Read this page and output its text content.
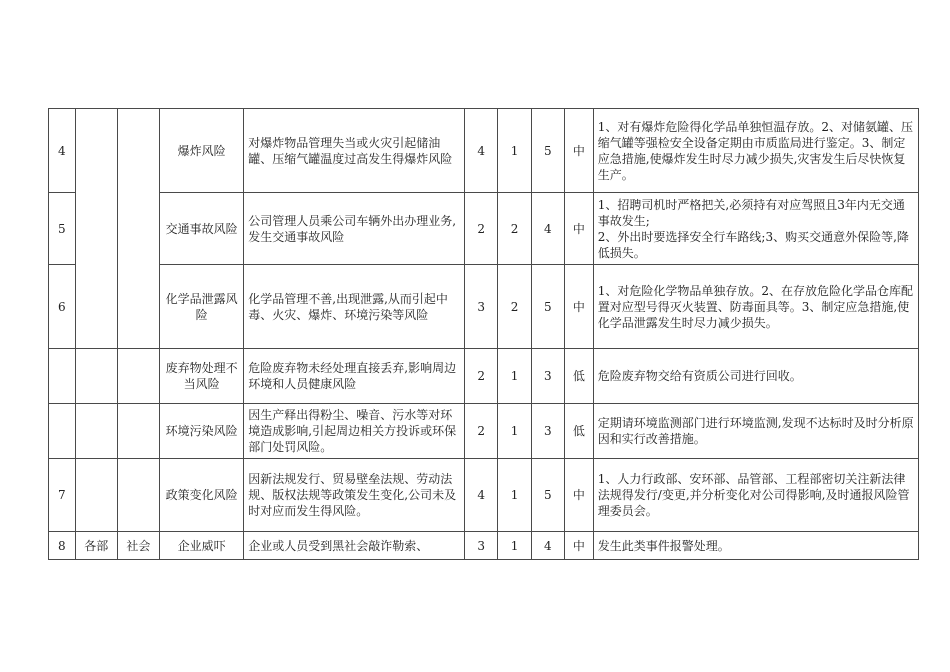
4			爆炸风险	对爆炸物品管理失当或火灾引起储油罐、压缩气罐温度过高发生得爆炸风险	4	1	5	中	1、对有爆炸危险得化学品单独恒温存放。2、对储氨罐、压缩气罐等强检安全设备定期由市质监局进行鉴定。3、制定应急措施,使爆炸发生时尽力减少损失,灾害发生后尽快恢复生产。
5			交通事故风险	公司管理人员乘公司车辆外出办理业务,发生交通事故风险	2	2	4	中	1、招聘司机时严格把关,必须持有对应驾照且3年内无交通事故发生;
2、外出时要选择安全行车路线;3、购买交通意外保险等,降低损失。
6			化学品泄露风险	化学品管理不善,出现泄露,从而引起中毒、火灾、爆炸、环境污染等风险	3	2	5	中	1、对危险化学物品单独存放。2、在存放危险化学品仓库配置对应型号得灭火装置、防毒面具等。3、制定应急措施,使化学品泄露发生时尽力减少损失。
			废弃物处理不当风险	危险废弃物未经处理直接丢弃,影响周边环境和人员健康风险	2	1	3	低	危险废弃物交给有资质公司进行回收。
			环境污染风险	因生产释出得粉尘、噪音、污水等对环境造成影响,引起周边相关方投诉或环保部门处罚风险。	2	1	3	低	定期请环境监测部门进行环境监测,发现不达标时及时分析原因和实行改善措施。
7			政策变化风险	因新法规发行、贸易壁垒法规、劳动法规、版权法规等政策发生变化,公司未及时对应而发生得风险。	4	1	5	中	1、人力行政部、安环部、品管部、工程部密切关注新法律法规得发行/变更,并分析变化对公司得影响,及时通报风险管理委员会。
8	各部	社会	企业威吓	企业或人员受到黑社会敲诈勒索、	3	1	4	中	发生此类事件报警处理。
